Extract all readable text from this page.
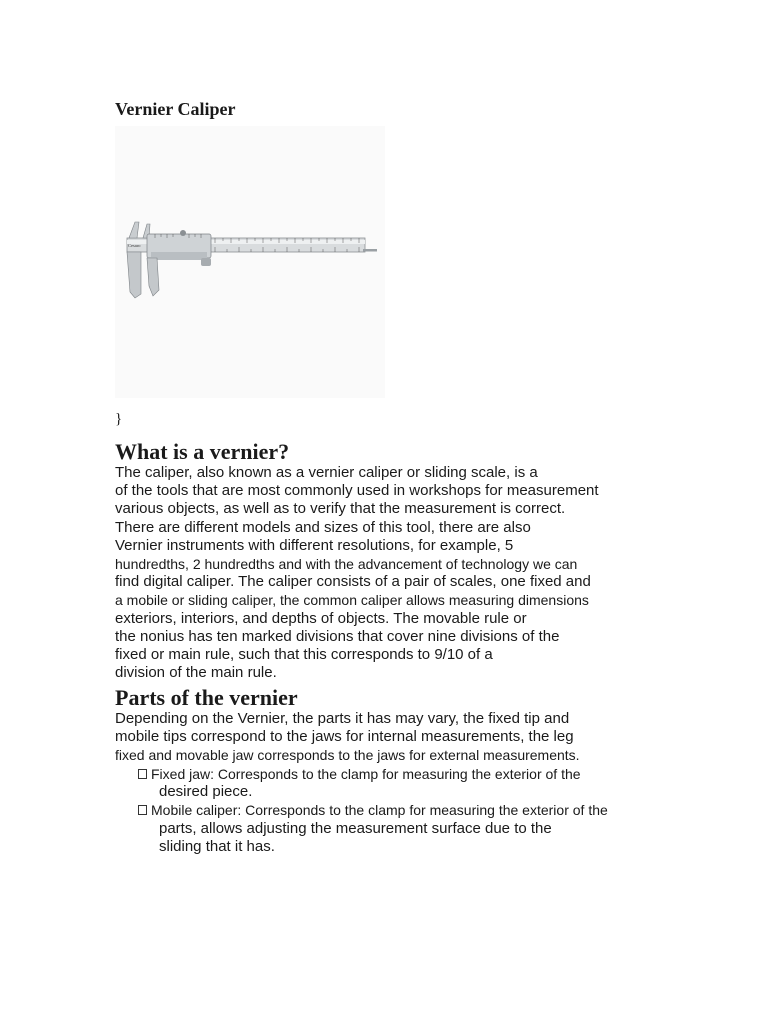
Vernier Caliper
Cesaro

}

What is a vernier?

The caliper, also known as a vernier caliper or sliding scale, is a
of the tools that are most commonly used in workshops for measurement
various objects, as well as to verify that the measurement is correct.
There are different models and sizes of this tool, there are also
Vernier instruments with different resolutions, for example, 5
hundredths, 2 hundredths and with the advancement of technology we can
find digital caliper. The caliper consists of a pair of scales, one fixed and
a mobile or sliding caliper, the common caliper allows measuring dimensions
exteriors, interiors, and depths of objects. The movable rule or
the nonius has ten marked divisions that cover nine divisions of the
fixed or main rule, such that this corresponds to 9/10 of a
division of the main rule.

Parts of the vernier

Depending on the Vernier, the parts it has may vary, the fixed tip and
mobile tips correspond to the jaws for internal measurements, the leg
fixed and movable jaw corresponds to the jaws for external measurements.

Fixed jaw: Corresponds to the clamp for measuring the exterior of the
desired piece.
Mobile caliper: Corresponds to the clamp for measuring the exterior of the
parts, allows adjusting the measurement surface due to the
sliding that it has.
